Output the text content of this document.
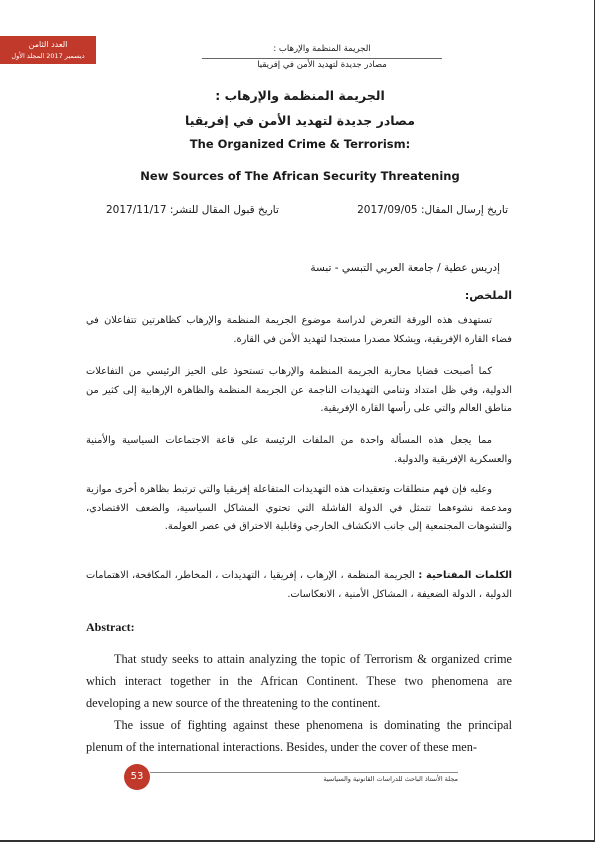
العدد الثامن
ديسمبر 2017 المجلد الأول
الجريمة المنظمة والإرهاب :
مصادر جديدة لتهديد الأمن في إفريقيا
الجريمة المنظمة والإرهاب :
مصادر جديدة لتهديد الأمن في إفريقيا
The Organized Crime & Terrorism:
New Sources of The African Security Threatening
تاريخ إرسال المقال: 2017/09/05
تاريخ قبول المقال للنشر: 2017/11/17
إدريس عطية / جامعة العربي التبسي - تبسة
الملخص:
تستهدف هذه الورقة التعرض لدراسة موضوع الجريمة المنظمة والإرهاب كظاهرتين تتفاعلان في فضاء القارة الإفريقية، ويشكلا مصدرا مستجدا لتهديد الأمن في القارة.
كما أصبحت قضايا محاربة الجريمة المنظمة والإرهاب تستحوذ على الحيز الرئيسي من التفاعلات الدولية، وفي ظل امتداد وتنامي التهديدات الناجمة عن الجريمة المنظمة والظاهرة الإرهابية إلى كثير من مناطق العالم والتي على رأسها القارة الإفريقية.
مما يجعل هذه المسألة واحدة من الملفات الرئيسة على قاعة الاجتماعات السياسية والأمنية والعسكرية الإفريقية والدولية.
وعليه فإن فهم منطلقات وتعقيدات هذه التهديدات المتفاعلة إفريقيا والتي ترتبط بظاهرة أخرى موازية ومدعمة نشوءهما تتمثل في الدولة الفاشلة التي تحتوي المشاكل السياسية، والضعف الاقتصادي، والتشوهات المجتمعية إلى جانب الانكشاف الخارجي وقابلية الاختراق في عصر العولمة.
الكلمات المفتاحية : الجريمة المنظمة ، الإرهاب ، إفريقيا ، التهديدات ، المخاطر، المكافحة، الاهتمامات الدولية ، الدولة الضعيفة ، المشاكل الأمنية ، الانعكاسات.
Abstract:
That study seeks to attain analyzing the topic of Terrorism & organized crime which interact together in the African Continent. These two phenomena are developing a new source of the threatening to the continent.
The issue of fighting against these phenomena is dominating the principal plenum of the international interactions. Besides, under the cover of these men-
53	مجلة الأستاذ الباحث للدراسات القانونية والسياسية
